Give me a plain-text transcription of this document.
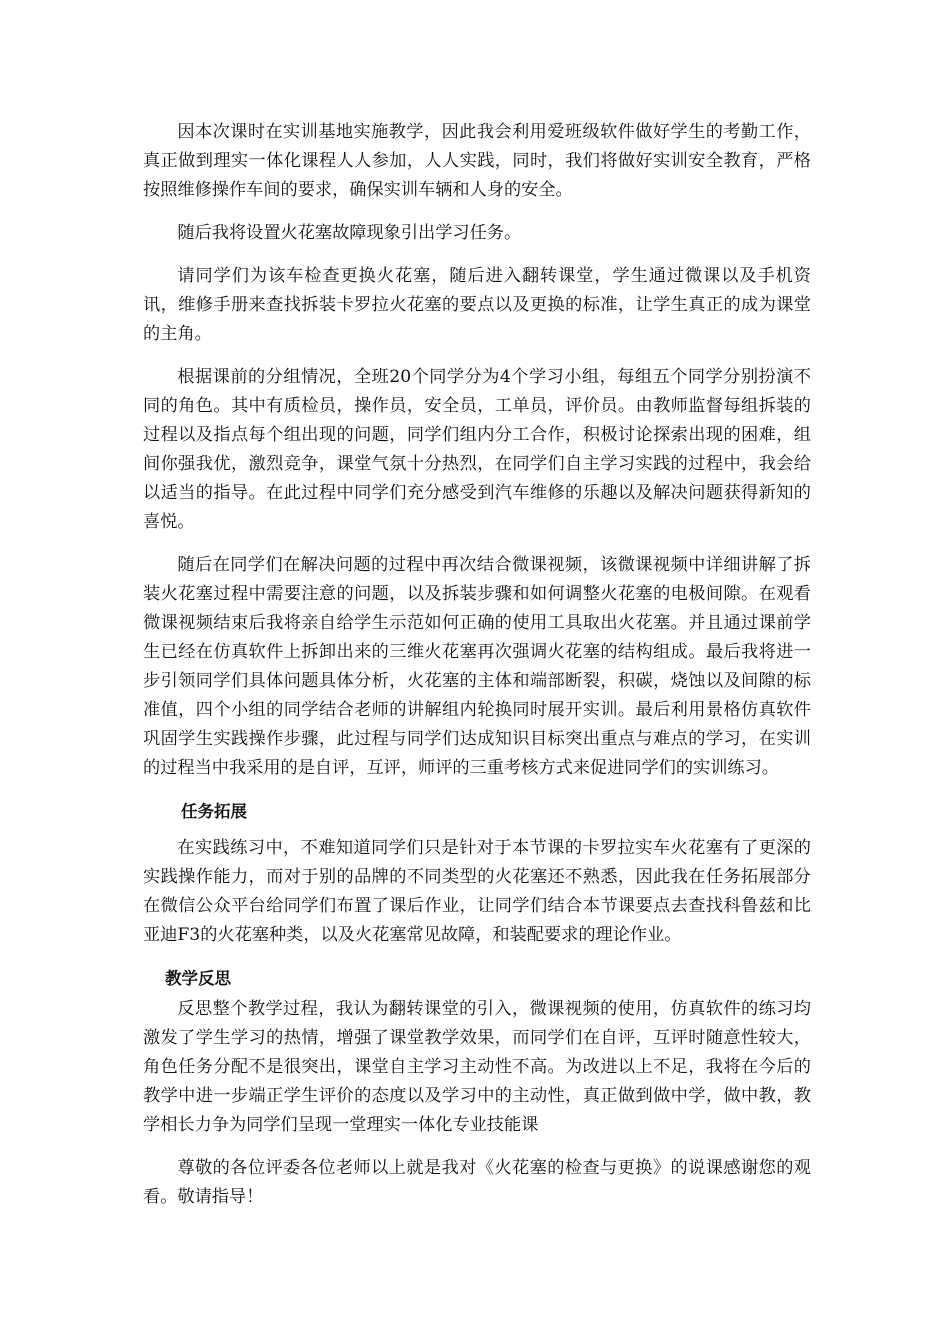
因本次课时在实训基地实施教学，因此我会利用爱班级软件做好学生的考勤工作，真正做到理实一体化课程人人参加，人人实践，同时，我们将做好实训安全教育，严格按照维修操作车间的要求，确保实训车辆和人身的安全。

随后我将设置火花塞故障现象引出学习任务。

请同学们为该车检查更换火花塞，随后进入翻转课堂，学生通过微课以及手机资讯，维修手册来查找拆装卡罗拉火花塞的要点以及更换的标准，让学生真正的成为课堂的主角。

根据课前的分组情况，全班20个同学分为4个学习小组，每组五个同学分别扮演不同的角色。其中有质检员，操作员，安全员，工单员，评价员。由教师监督每组拆装的过程以及指点每个组出现的问题，同学们组内分工合作，积极讨论探索出现的困难，组间你强我优，激烈竞争，课堂气氛十分热烈，在同学们自主学习实践的过程中，我会给以适当的指导。在此过程中同学们充分感受到汽车维修的乐趣以及解决问题获得新知的喜悦。

随后在同学们在解决问题的过程中再次结合微课视频，该微课视频中详细讲解了拆装火花塞过程中需要注意的问题，以及拆装步骤和如何调整火花塞的电极间隙。在观看微课视频结束后我将亲自给学生示范如何正确的使用工具取出火花塞。并且通过课前学生已经在仿真软件上拆卸出来的三维火花塞再次强调火花塞的结构组成。最后我将进一步引领同学们具体问题具体分析，火花塞的主体和端部断裂，积碳，烧蚀以及间隙的标准值，四个小组的同学结合老师的讲解组内轮换同时展开实训。最后利用景格仿真软件巩固学生实践操作步骤，此过程与同学们达成知识目标突出重点与难点的学习，在实训的过程当中我采用的是自评，互评，师评的三重考核方式来促进同学们的实训练习。

任务拓展

在实践练习中，不难知道同学们只是针对于本节课的卡罗拉实车火花塞有了更深的实践操作能力，而对于别的品牌的不同类型的火花塞还不熟悉，因此我在任务拓展部分在微信公众平台给同学们布置了课后作业，让同学们结合本节课要点去查找科鲁兹和比亚迪F3的火花塞种类，以及火花塞常见故障，和装配要求的理论作业。

教学反思

反思整个教学过程，我认为翻转课堂的引入，微课视频的使用，仿真软件的练习均激发了学生学习的热情，增强了课堂教学效果，而同学们在自评，互评时随意性较大，角色任务分配不是很突出，课堂自主学习主动性不高。为改进以上不足，我将在今后的教学中进一步端正学生评价的态度以及学习中的主动性，真正做到做中学，做中教，教学相长力争为同学们呈现一堂理实一体化专业技能课

尊敬的各位评委各位老师以上就是我对《火花塞的检查与更换》的说课感谢您的观看。敬请指导！
